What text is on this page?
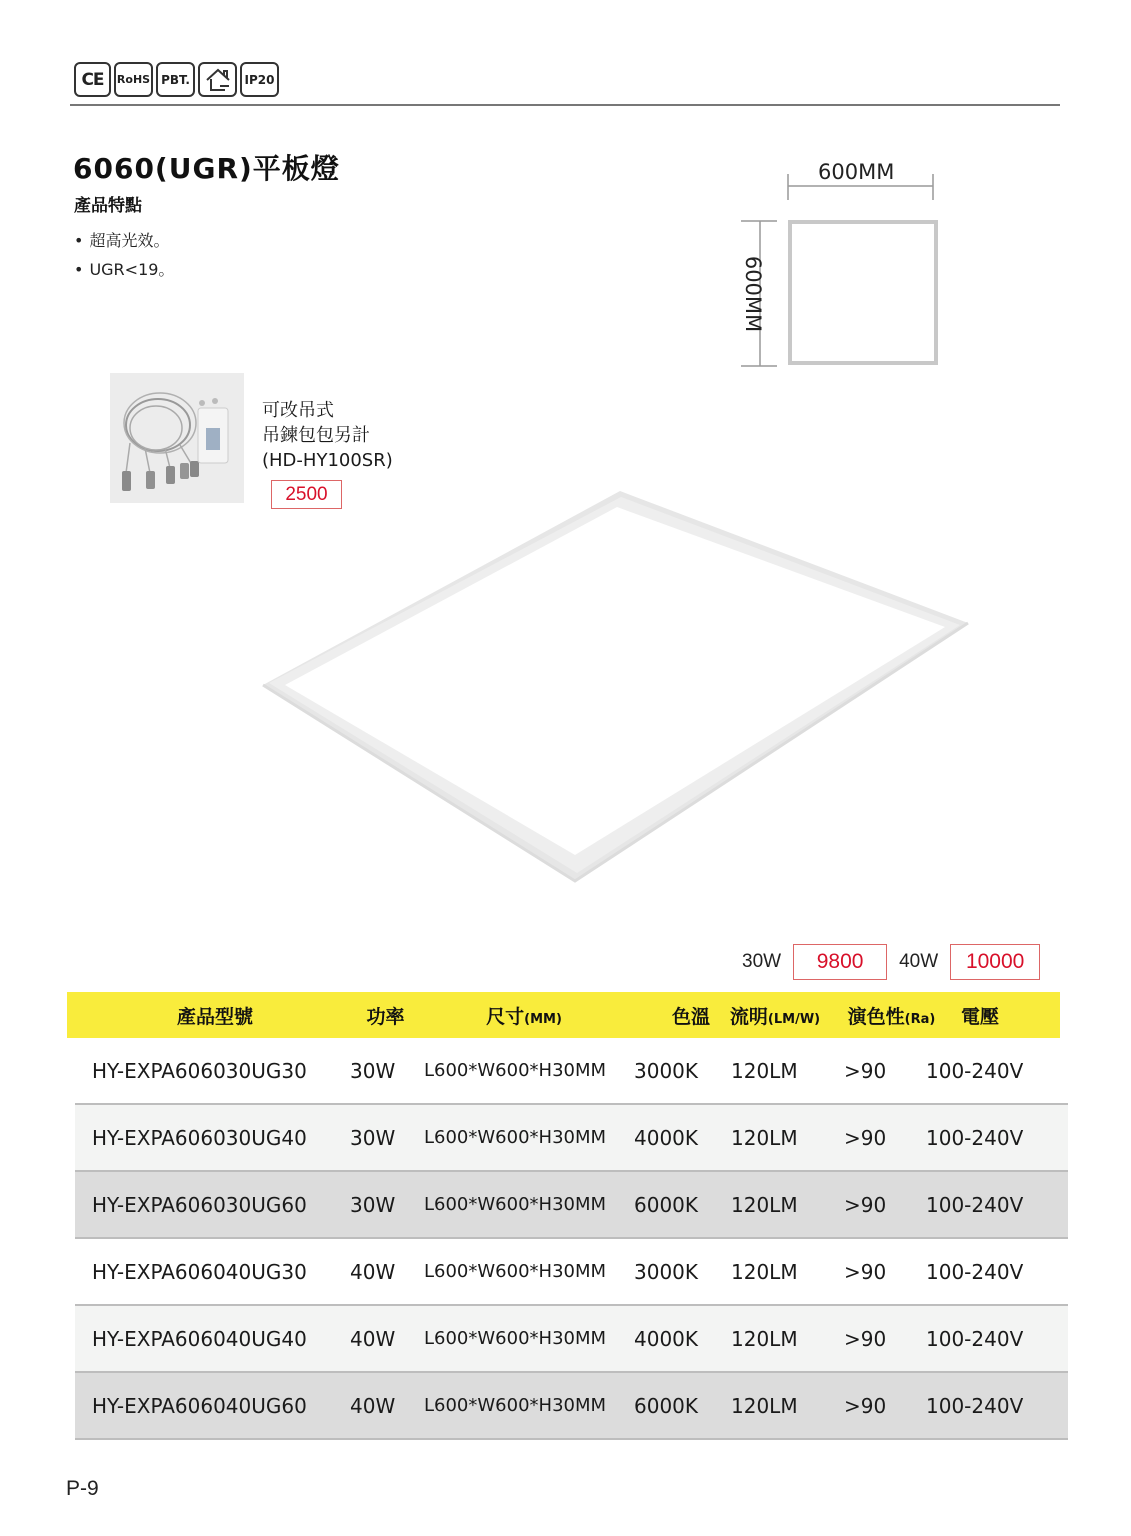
CE RoHS PBT.	IP20
6060(UGR)平板燈
產品特點
• 超高光效。
• UGR<19。
600MM
600MM
可改吊式
吊鍊包包另計
(HD-HY100SR)
2500
30W	9800	40W	10000
產品型號	功率	尺寸(MM)	色溫	流明(LM/W)	演色性(Ra)	電壓
HY-EXPA606030UG30	30W	L600*W600*H30MM	3000K	120LM	>90	100-240V
HY-EXPA606030UG40	30W	L600*W600*H30MM	4000K	120LM	>90	100-240V
HY-EXPA606030UG60	30W	L600*W600*H30MM	6000K	120LM	>90	100-240V
HY-EXPA606040UG30	40W	L600*W600*H30MM	3000K	120LM	>90	100-240V
HY-EXPA606040UG40	40W	L600*W600*H30MM	4000K	120LM	>90	100-240V
HY-EXPA606040UG60	40W	L600*W600*H30MM	6000K	120LM	>90	100-240V
P-9
